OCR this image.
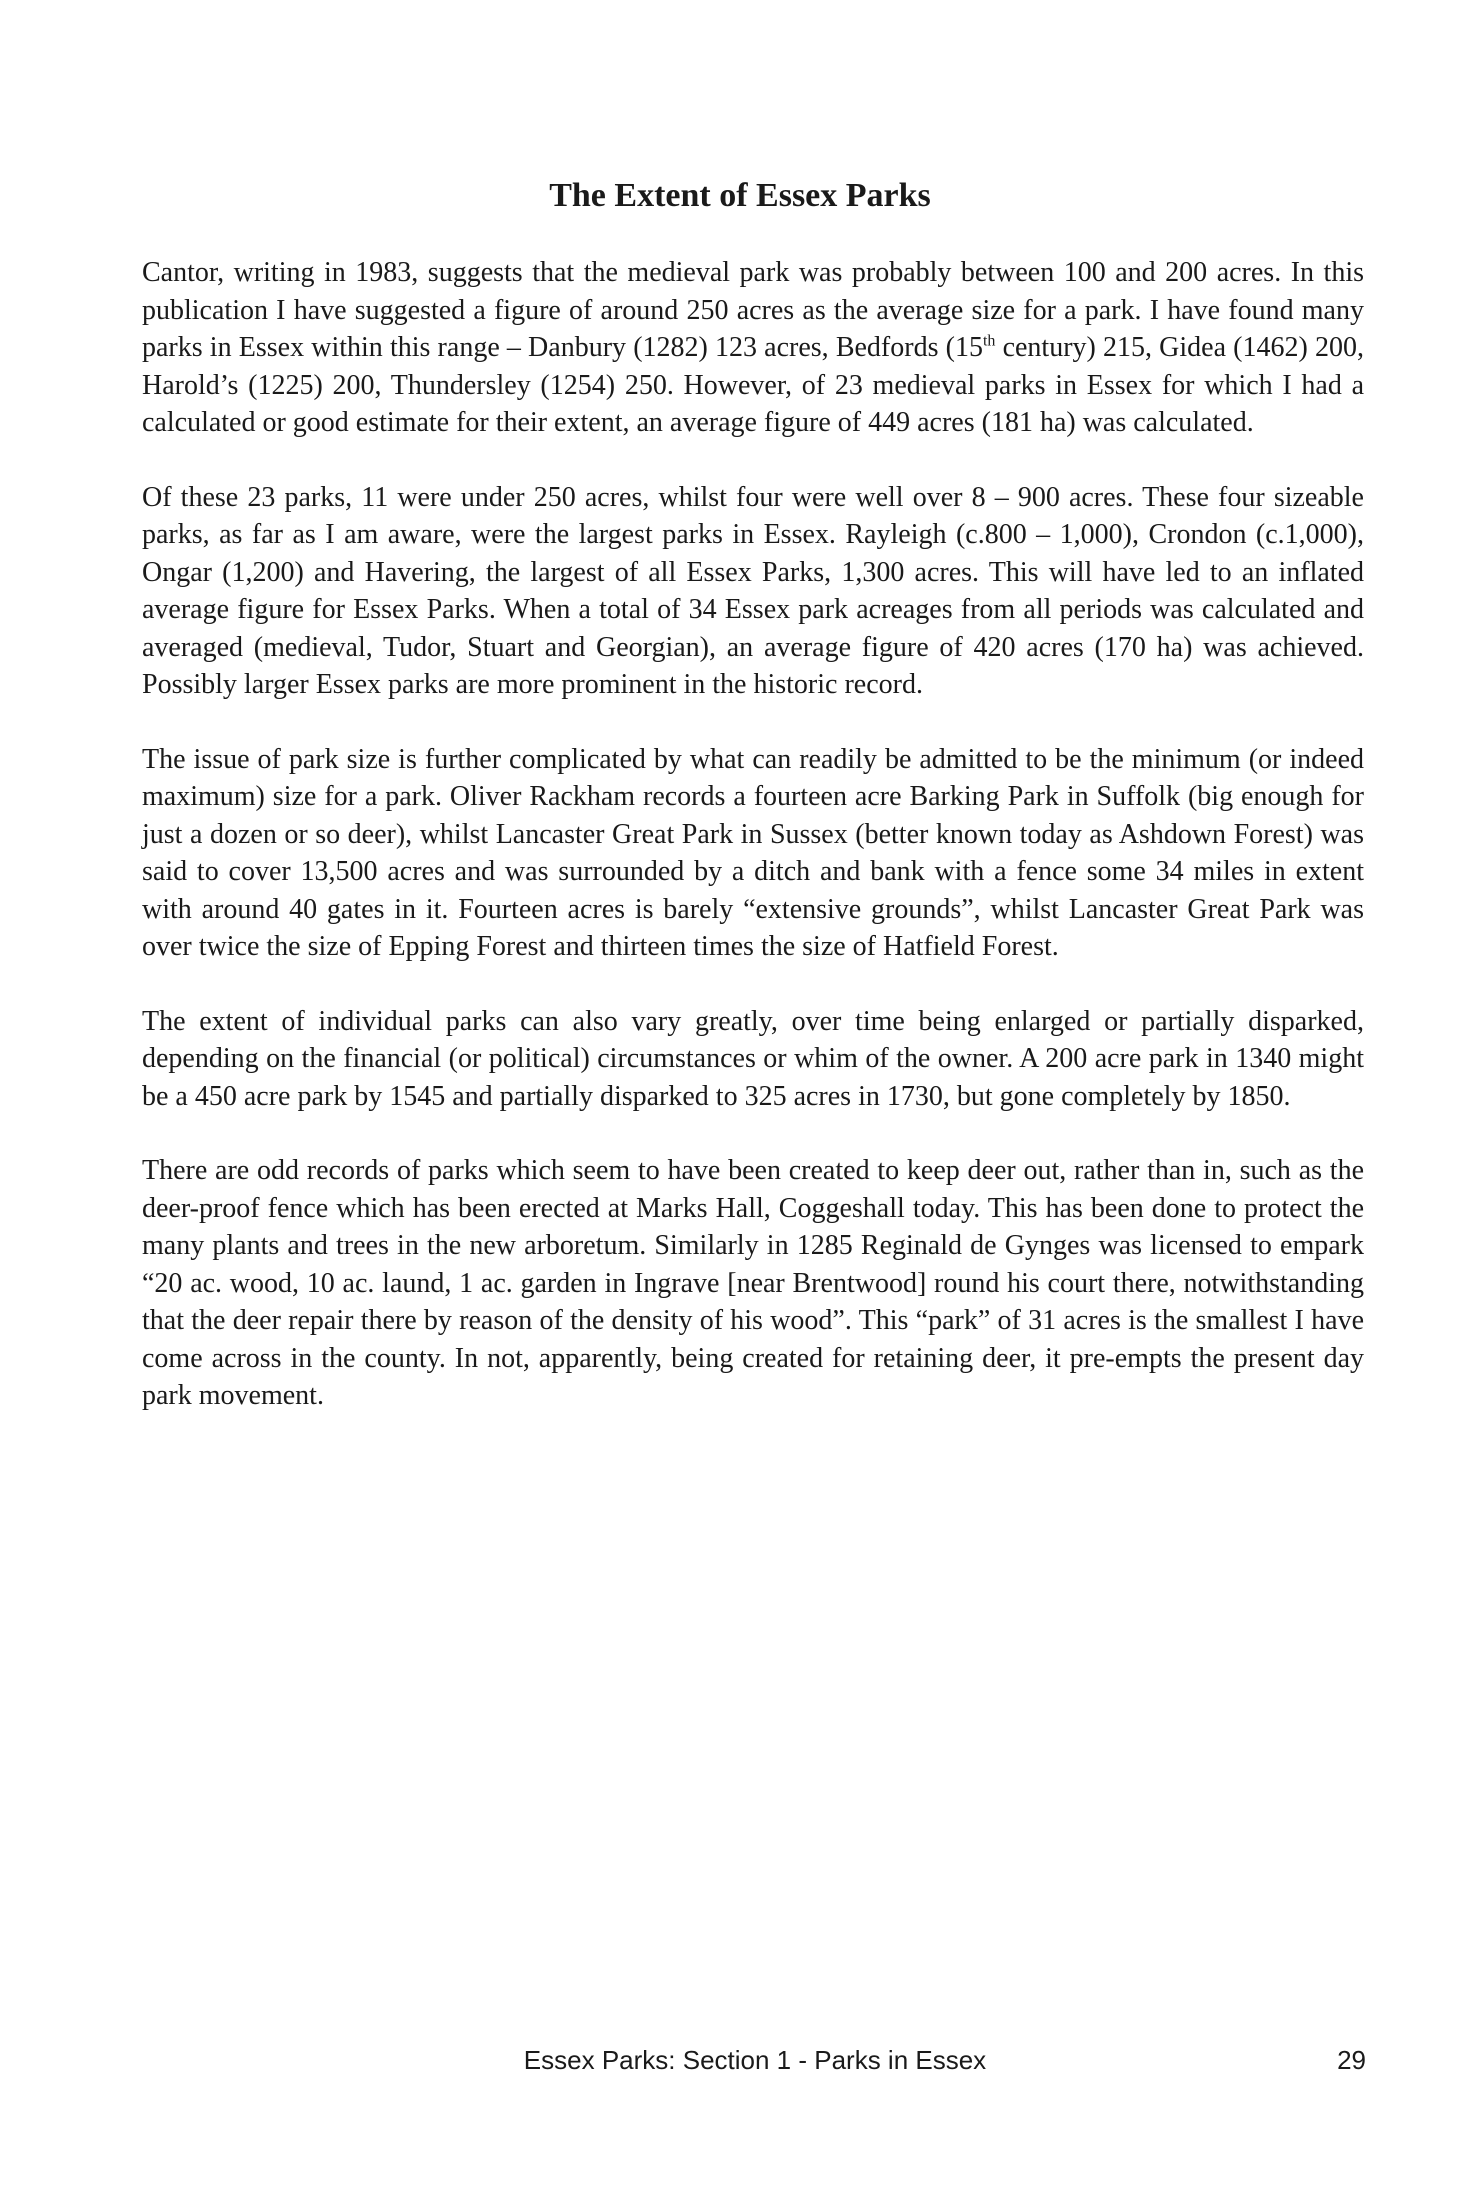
The Extent of Essex Parks

Cantor, writing in 1983, suggests that the medieval park was probably between 100 and 200 acres. In this publication I have suggested a figure of around 250 acres as the average size for a park. I have found many parks in Essex within this range – Danbury (1282) 123 acres, Bedfords (15th century) 215, Gidea (1462) 200, Harold’s (1225) 200, Thundersley (1254) 250. However, of 23 medieval parks in Essex for which I had a calculated or good estimate for their extent, an average figure of 449 acres (181 ha) was calculated.

Of these 23 parks, 11 were under 250 acres, whilst four were well over 8 – 900 acres. These four sizeable parks, as far as I am aware, were the largest parks in Essex. Rayleigh (c.800 – 1,000), Crondon (c.1,000), Ongar (1,200) and Havering, the largest of all Essex Parks, 1,300 acres. This will have led to an inflated average figure for Essex Parks. When a total of 34 Essex park acreages from all periods was calculated and averaged (medieval, Tudor, Stuart and Georgian), an average figure of 420 acres (170 ha) was achieved. Possibly larger Essex parks are more prominent in the historic record.

The issue of park size is further complicated by what can readily be admitted to be the minimum (or indeed maximum) size for a park. Oliver Rackham records a fourteen acre Barking Park in Suffolk (big enough for just a dozen or so deer), whilst Lancaster Great Park in Sussex (better known today as Ashdown Forest) was said to cover 13,500 acres and was surrounded by a ditch and bank with a fence some 34 miles in extent with around 40 gates in it. Fourteen acres is barely “extensive grounds”, whilst Lancaster Great Park was over twice the size of Epping Forest and thirteen times the size of Hatfield Forest.

The extent of individual parks can also vary greatly, over time being enlarged or partially disparked, depending on the financial (or political) circumstances or whim of the owner. A 200 acre park in 1340 might be a 450 acre park by 1545 and partially disparked to 325 acres in 1730, but gone completely by 1850.

There are odd records of parks which seem to have been created to keep deer out, rather than in, such as the deer-proof fence which has been erected at Marks Hall, Coggeshall today. This has been done to protect the many plants and trees in the new arboretum. Similarly in 1285 Reginald de Gynges was licensed to empark “20 ac. wood, 10 ac. laund, 1 ac. garden in Ingrave [near Brentwood] round his court there, notwithstanding that the deer repair there by reason of the density of his wood”. This “park” of 31 acres is the smallest I have come across in the county. In not, apparently, being created for retaining deer, it pre-empts the present day park movement.

Essex Parks: Section 1 - Parks in Essex	29
